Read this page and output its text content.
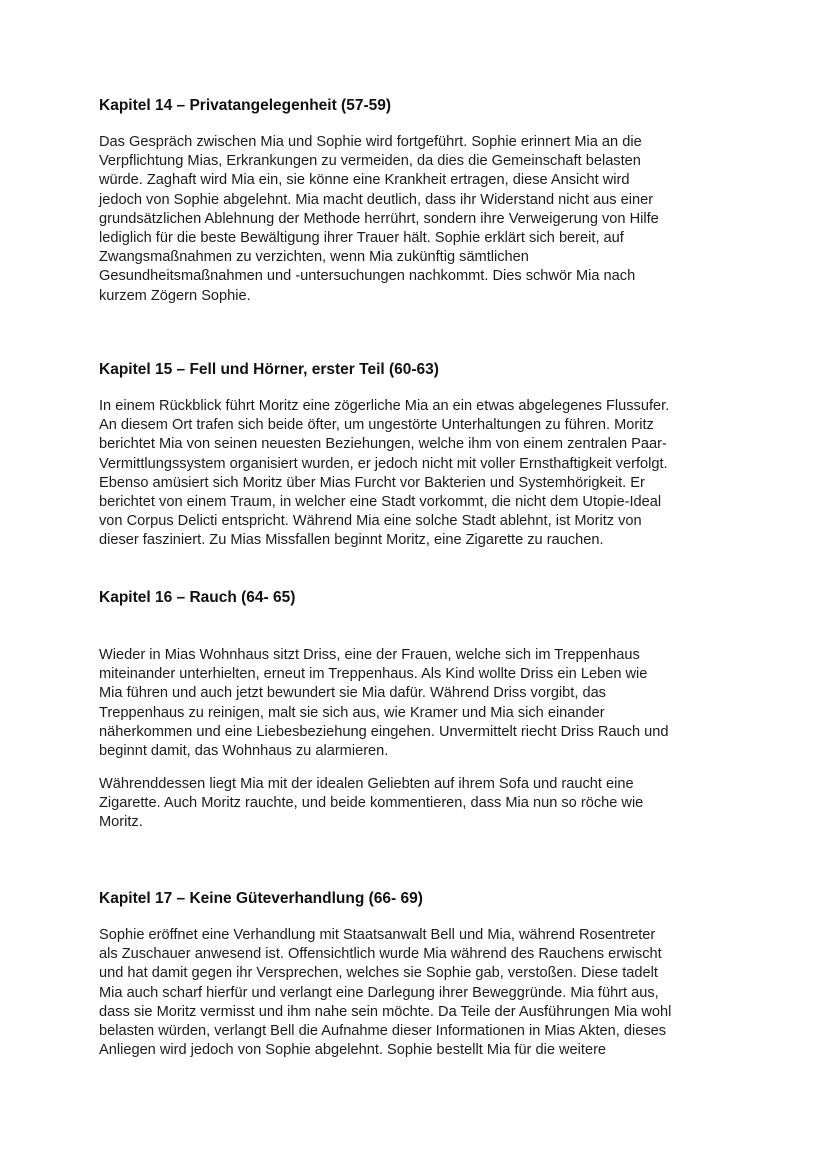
Kapitel 14 – Privatangelegenheit (57-59)
Das Gespräch zwischen Mia und Sophie wird fortgeführt. Sophie erinnert Mia an die
Verpflichtung Mias, Erkrankungen zu vermeiden, da dies die Gemeinschaft belasten
würde. Zaghaft wird Mia ein, sie könne eine Krankheit ertragen, diese Ansicht wird
jedoch von Sophie abgelehnt. Mia macht deutlich, dass ihr Widerstand nicht aus einer
grundsätzlichen Ablehnung der Methode herrührt, sondern ihre Verweigerung von Hilfe
lediglich für die beste Bewältigung ihrer Trauer hält. Sophie erklärt sich bereit, auf
Zwangsmaßnahmen zu verzichten, wenn Mia zukünftig sämtlichen
Gesundheitsmaßnahmen und -untersuchungen nachkommt. Dies schwör Mia nach
kurzem Zögern Sophie.
Kapitel 15 – Fell und Hörner, erster Teil (60-63)
In einem Rückblick führt Moritz eine zögerliche Mia an ein etwas abgelegenes Flussufer.
An diesem Ort trafen sich beide öfter, um ungestörte Unterhaltungen zu führen. Moritz
berichtet Mia von seinen neuesten Beziehungen, welche ihm von einem zentralen Paar-
Vermittlungssystem organisiert wurden, er jedoch nicht mit voller Ernsthaftigkeit verfolgt.
Ebenso amüsiert sich Moritz über Mias Furcht vor Bakterien und Systemhörigkeit. Er
berichtet von einem Traum, in welcher eine Stadt vorkommt, die nicht dem Utopie-Ideal
von Corpus Delicti entspricht. Während Mia eine solche Stadt ablehnt, ist Moritz von
dieser fasziniert. Zu Mias Missfallen beginnt Moritz, eine Zigarette zu rauchen.
Kapitel 16 – Rauch (64- 65)
Wieder in Mias Wohnhaus sitzt Driss, eine der Frauen, welche sich im Treppenhaus
miteinander unterhielten, erneut im Treppenhaus. Als Kind wollte Driss ein Leben wie
Mia führen und auch jetzt bewundert sie Mia dafür. Während Driss vorgibt, das
Treppenhaus zu reinigen, malt sie sich aus, wie Kramer und Mia sich einander
näherkommen und eine Liebesbeziehung eingehen. Unvermittelt riecht Driss Rauch und
beginnt damit, das Wohnhaus zu alarmieren.
Währenddessen liegt Mia mit der idealen Geliebten auf ihrem Sofa und raucht eine
Zigarette. Auch Moritz rauchte, und beide kommentieren, dass Mia nun so röche wie
Moritz.
Kapitel 17 – Keine Güteverhandlung (66- 69)
Sophie eröffnet eine Verhandlung mit Staatsanwalt Bell und Mia, während Rosentreter
als Zuschauer anwesend ist. Offensichtlich wurde Mia während des Rauchens erwischt
und hat damit gegen ihr Versprechen, welches sie Sophie gab, verstoßen. Diese tadelt
Mia auch scharf hierfür und verlangt eine Darlegung ihrer Beweggründe. Mia führt aus,
dass sie Moritz vermisst und ihm nahe sein möchte. Da Teile der Ausführungen Mia wohl
belasten würden, verlangt Bell die Aufnahme dieser Informationen in Mias Akten, dieses
Anliegen wird jedoch von Sophie abgelehnt. Sophie bestellt Mia für die weitere
